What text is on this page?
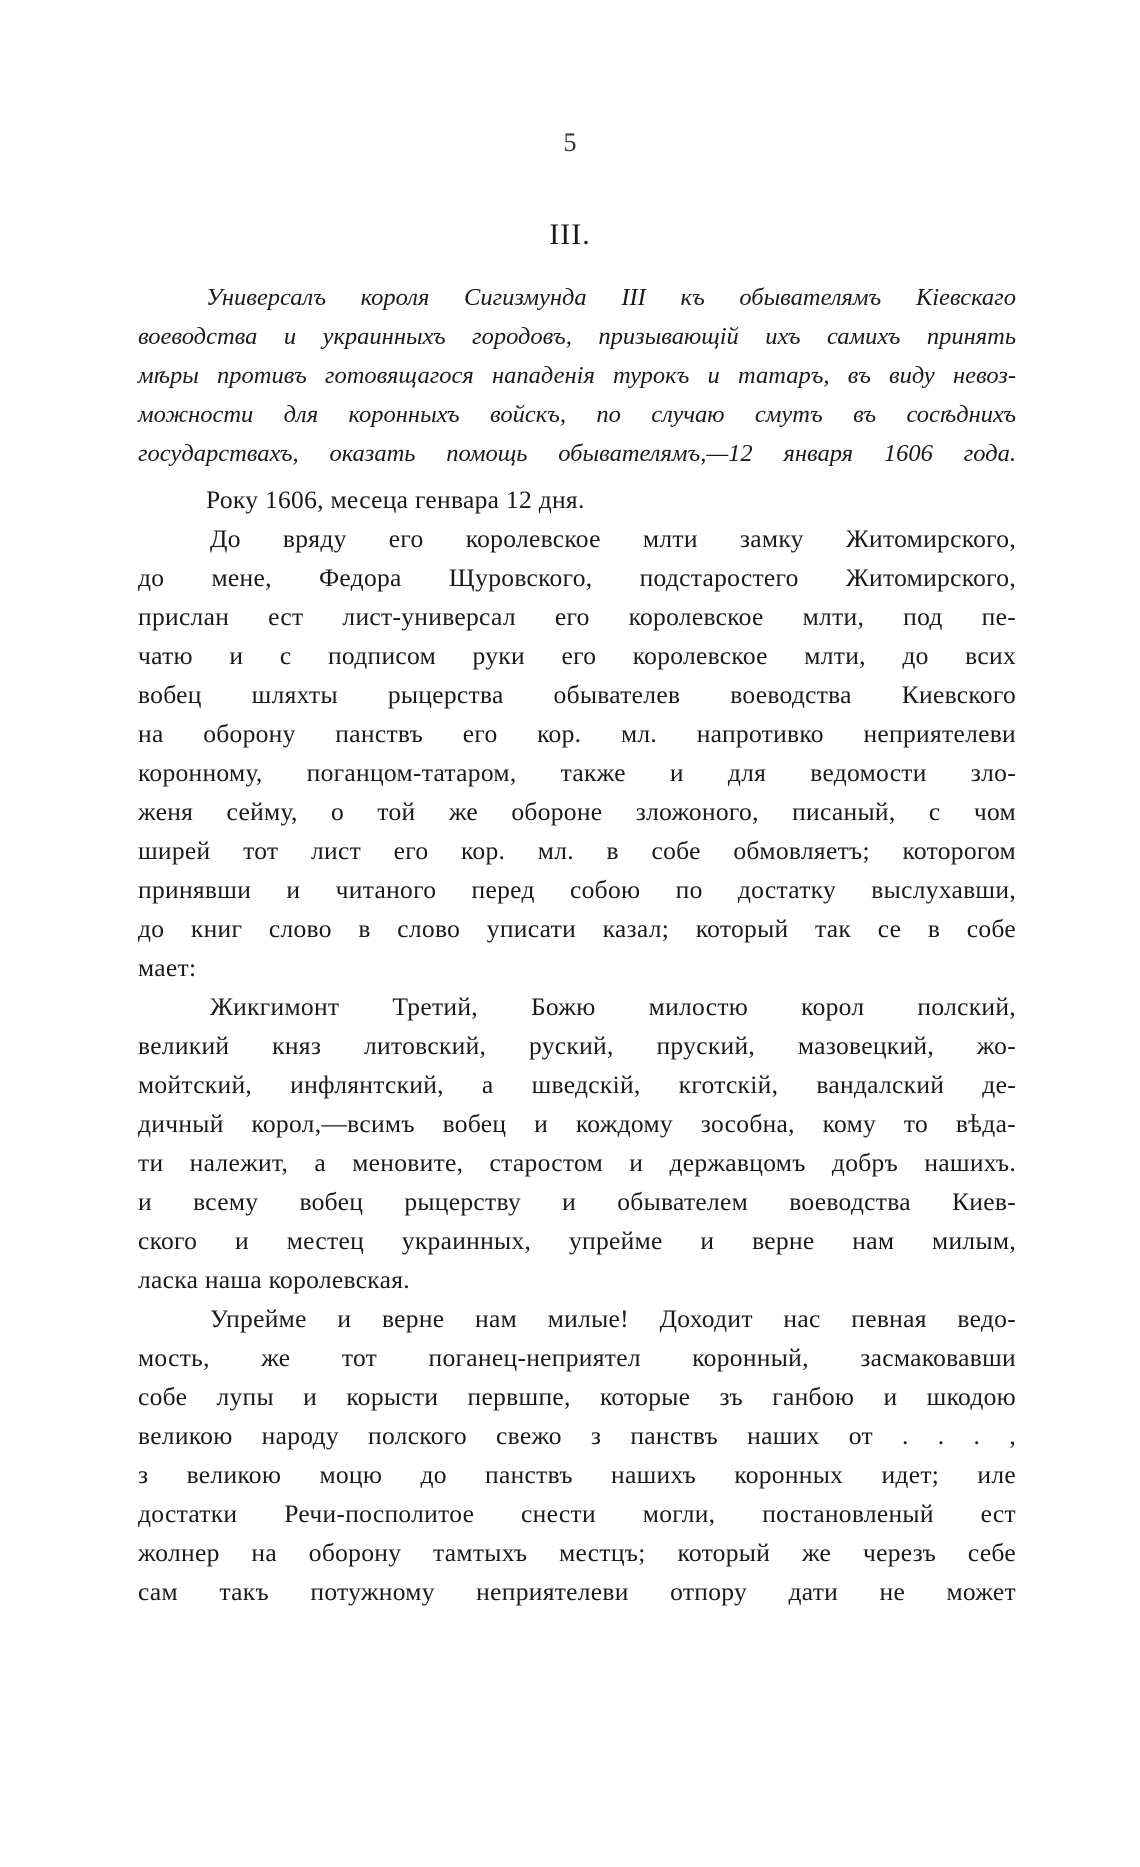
5
III.
Универсалъ короля Сигизмунда III къ обывателямъ Кіевскаго
воеводства и украинныхъ городовъ, призывающій ихъ самихъ принять
мѣры противъ готовящагося нападенія турокъ и татаръ, въ виду невоз-
можности для коронныхъ войскъ, по случаю смутъ въ сосѣднихъ
государствахъ, оказать помощь обывателямъ,—12 января 1606 года.
Року 1606, месеца генвара 12 дня.
До вряду его королевское млти замку Житомирского,
до мене, Федора Щуровского, подстаростего Житомирского,
прислан ест лист-универсал его королевское млти, под пе-
чатю и с подписом руки его королевское млти, до всих
вобец шляхты рыцерства обывателев воеводства Киевского
на оборону панствъ его кор. мл. напротивко неприятелеви
коронному, поганцом-татаром, также и для ведомости зло-
женя сейму, о той же обороне зложоного, писаный, с чом
ширей тот лист его кор. мл. в собе обмовляетъ; которогом
принявши и читаного перед собою по достатку выслухавши,
до книг слово в слово уписати казал; который так се в собе
мает:
Жикгимонт Третий, Божю милостю корол полский,
великий княз литовский, руский, пруский, мазовецкий, жо-
мойтский, инфлянтский, а шведскій, кготскій, вандалский де-
дичный корол,—всимъ вобец и кождому зособна, кому то вѣда-
ти належит, а меновите, старостом и державцомъ добръ нашихъ.
и всему вобец рыцерству и обывателем воеводства Киев-
ского и местец украинных, упрейме и верне нам милым,
ласка наша королевская.
Упрейме и верне нам милые! Доходит нас певная ведо-
мость, же тот поганец-неприятел коронный, засмаковавши
собе лупы и корысти первшпе, которые зъ ганбою и шкодою
великою народу полского свежо з панствъ наших от . . . ,
з великою моцю до панствъ нашихъ коронных идет; иле
достатки Речи-посполитое снести могли, постановленый ест
жолнер на оборону тамтыхъ местцъ; который же черезъ себе
сам такъ потужному неприятелеви отпору дати не может
